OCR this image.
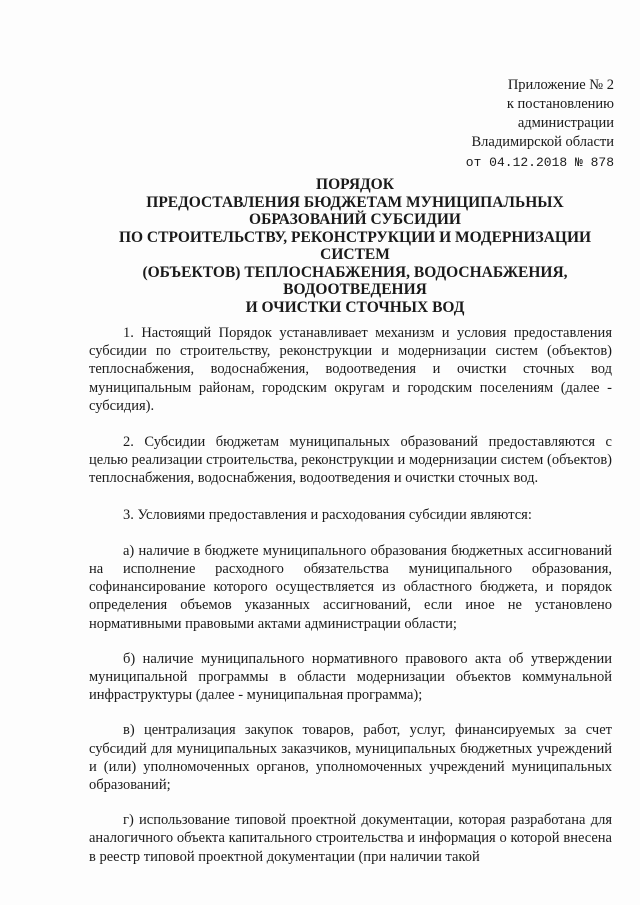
Приложение № 2
к постановлению
администрации
Владимирской области
от 04.12.2018 № 878
ПОРЯДОК
ПРЕДОСТАВЛЕНИЯ БЮДЖЕТАМ МУНИЦИПАЛЬНЫХ
ОБРАЗОВАНИЙ СУБСИДИИ
ПО СТРОИТЕЛЬСТВУ, РЕКОНСТРУКЦИИ И МОДЕРНИЗАЦИИ
СИСТЕМ
(ОБЪЕКТОВ) ТЕПЛОСНАБЖЕНИЯ, ВОДОСНАБЖЕНИЯ,
ВОДООТВЕДЕНИЯ
И ОЧИСТКИ СТОЧНЫХ ВОД

1. Настоящий Порядок устанавливает механизм и условия предоставления субсидии по строительству, реконструкции и модернизации систем (объектов) теплоснабжения, водоснабжения, водоотведения и очистки сточных вод муниципальным районам, городским округам и городским поселениям (далее - субсидия).

2. Субсидии бюджетам муниципальных образований предоставляются с целью реализации строительства, реконструкции и модернизации систем (объектов) теплоснабжения, водоснабжения, водоотведения и очистки сточных вод.

3. Условиями предоставления и расходования субсидии являются:

а) наличие в бюджете муниципального образования бюджетных ассигнований на исполнение расходного обязательства муниципального образования, софинансирование которого осуществляется из областного бюджета, и порядок определения объемов указанных ассигнований, если иное не установлено нормативными правовыми актами администрации области;

б) наличие муниципального нормативного правового акта об утверждении муниципальной программы в области модернизации объектов коммунальной инфраструктуры (далее - муниципальная программа);

в) централизация закупок товаров, работ, услуг, финансируемых за счет субсидий для муниципальных заказчиков, муниципальных бюджетных учреждений и (или) уполномоченных органов, уполномоченных учреждений муниципальных образований;

г) использование типовой проектной документации, которая разработана для аналогичного объекта капитального строительства и информация о которой внесена в реестр типовой проектной документации (при наличии такой
